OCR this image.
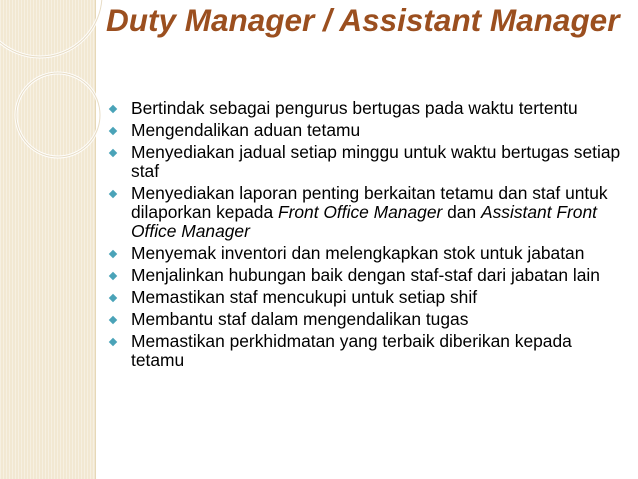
Duty Manager / Assistant Manager
Bertindak sebagai pengurus bertugas pada waktu tertentu
Mengendalikan aduan tetamu
Menyediakan jadual setiap minggu untuk waktu bertugas setiap staf
Menyediakan laporan penting berkaitan tetamu dan staf untuk dilaporkan kepada Front Office Manager dan Assistant Front Office Manager
Menyemak inventori dan melengkapkan stok untuk jabatan
Menjalinkan hubungan baik dengan staf-staf dari jabatan lain
Memastikan staf mencukupi untuk setiap shif
Membantu staf dalam mengendalikan tugas
Memastikan perkhidmatan yang terbaik diberikan kepada tetamu
